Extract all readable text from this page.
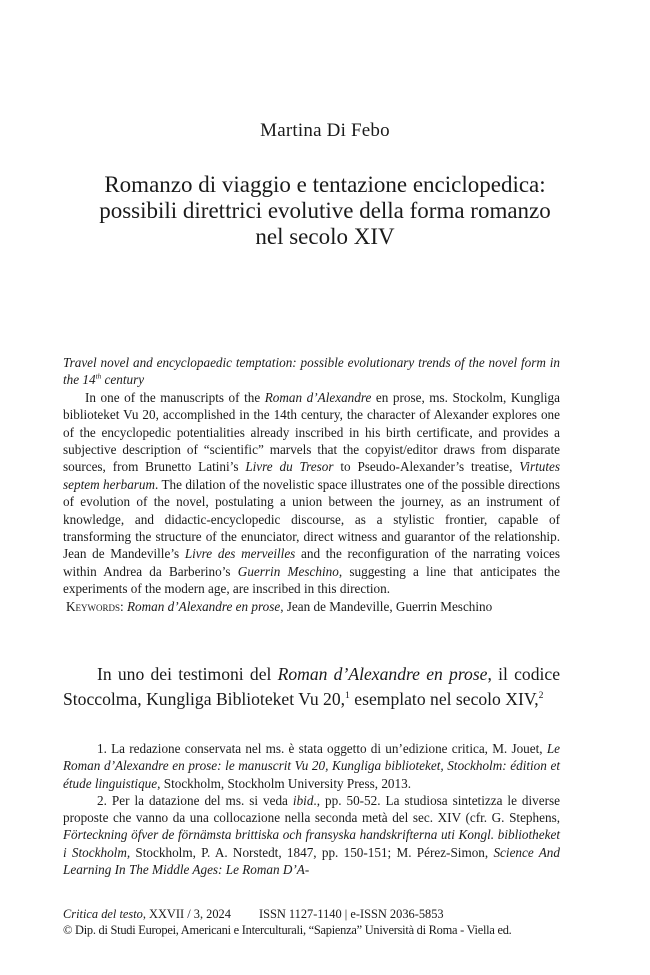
Martina Di Febo
Romanzo di viaggio e tentazione enciclopedica:
possibili direttrici evolutive della forma romanzo
nel secolo XIV
Travel novel and encyclopaedic temptation: possible evolutionary trends of the novel form in the 14th century

In one of the manuscripts of the Roman d’Alexandre en prose, ms. Stockolm, Kungliga biblioteket Vu 20, accomplished in the 14th century, the character of Alexander explores one of the encyclopedic potentialities already inscribed in his birth certificate, and provides a subjective description of “scientific” marvels that the copyist/editor draws from disparate sources, from Brunetto Latini’s Livre du Tresor to Pseudo-Alexander’s treatise, Virtutes septem herbarum. The dilation of the novelistic space illustrates one of the possible directions of evolution of the novel, postulating a union between the journey, as an instrument of knowledge, and didactic-encyclopedic discourse, as a stylistic frontier, capable of transforming the structure of the enunciator, direct witness and guarantor of the relationship. Jean de Mandeville’s Livre des merveilles and the reconfiguration of the narrating voices within Andrea da Barberino’s Guerrin Meschino, suggesting a line that anticipates the experiments of the modern age, are inscribed in this direction.

Keywords: Roman d’Alexandre en prose, Jean de Mandeville, Guerrin Meschino

In uno dei testimoni del Roman d’Alexandre en prose, il codice Stoccolma, Kungliga Biblioteket Vu 20,$^1$ esemplato nel secolo XIV,$^2$

1. La redazione conservata nel ms. è stata oggetto di un’edizione critica, M. Jouet, Le Roman d’Alexandre en prose: le manuscrit Vu 20, Kungliga biblioteket, Stockholm: édition et étude linguistique, Stockholm, Stockholm University Press, 2013.

2. Per la datazione del ms. si veda ibid., pp. 50-52. La studiosa sintetizza le diverse proposte che vanno da una collocazione nella seconda metà del sec. XIV (cfr. G. Stephens, Förteckning öfver de förnämsta brittiska och fransyska handskrifterna uti Kongl. bibliotheket i Stockholm, Stockholm, P. A. Norstedt, 1847, pp. 150-151; M. Pérez-Simon, Science And Learning In The Middle Ages: Le Roman D’A-

Critica del testo, XXVII / 3, 2024 ISSN 1127-1140 | e-ISSN 2036-5853
© Dip. di Studi Europei, Americani e Interculturali, “Sapienza” Università di Roma - Viella ed.
